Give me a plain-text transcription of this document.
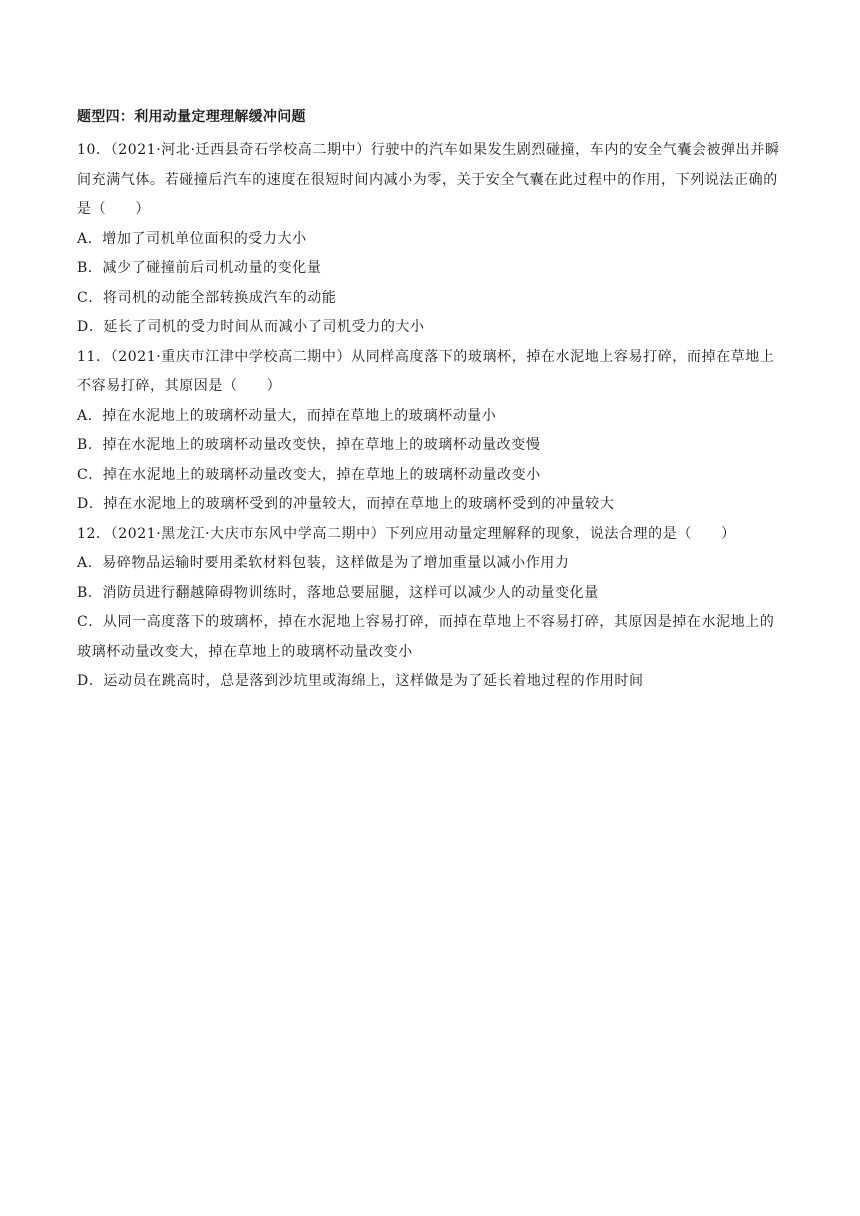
题型四：利用动量定理理解缓冲问题

10．（2021·河北·迁西县奇石学校高二期中）行驶中的汽车如果发生剧烈碰撞，车内的安全气囊会被弹出并瞬间充满气体。若碰撞后汽车的速度在很短时间内减小为零，关于安全气囊在此过程中的作用，下列说法正确的是（　　）

A．增加了司机单位面积的受力大小

B．减少了碰撞前后司机动量的变化量

C．将司机的动能全部转换成汽车的动能

D．延长了司机的受力时间从而减小了司机受力的大小

11．（2021·重庆市江津中学校高二期中）从同样高度落下的玻璃杯，掉在水泥地上容易打碎，而掉在草地上不容易打碎，其原因是（　　）

A．掉在水泥地上的玻璃杯动量大，而掉在草地上的玻璃杯动量小

B．掉在水泥地上的玻璃杯动量改变快，掉在草地上的玻璃杯动量改变慢

C．掉在水泥地上的玻璃杯动量改变大，掉在草地上的玻璃杯动量改变小

D．掉在水泥地上的玻璃杯受到的冲量较大，而掉在草地上的玻璃杯受到的冲量较大

12．（2021·黑龙江·大庆市东风中学高二期中）下列应用动量定理解释的现象，说法合理的是（　　）

A．易碎物品运输时要用柔软材料包装，这样做是为了增加重量以减小作用力

B．消防员进行翻越障碍物训练时，落地总要屈腿，这样可以减少人的动量变化量

C．从同一高度落下的玻璃杯，掉在水泥地上容易打碎，而掉在草地上不容易打碎，其原因是掉在水泥地上的玻璃杯动量改变大，掉在草地上的玻璃杯动量改变小

D．运动员在跳高时，总是落到沙坑里或海绵上，这样做是为了延长着地过程的作用时间
